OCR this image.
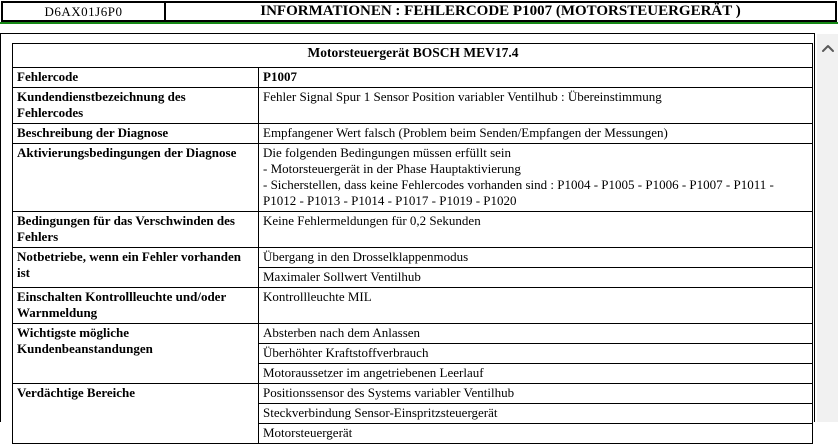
D6AX01J6P0	INFORMATIONEN : FEHLERCODE P1007 (MOTORSTEUERGERÄT )
Motorsteuergerät BOSCH MEV17.4	
Fehlercode	P1007

Kundendienstbezeichnung des Fehlercodes	Fehler Signal Spur 1 Sensor Position variabler Ventilhub : Übereinstimmung

Beschreibung der Diagnose	Empfangener Wert falsch (Problem beim Senden/Empfangen der Messungen)

Aktivierungsbedingungen der Diagnose	Die folgenden Bedingungen müssen erfüllt sein
- Motorsteuergerät in der Phase Hauptaktivierung
- Sicherstellen, dass keine Fehlercodes vorhanden sind : P1004 - P1005 - P1006 - P1007 - P1011 - P1012 - P1013 - P1014 - P1017 - P1019 - P1020

Bedingungen für das Verschwinden des Fehlers	Keine Fehlermeldungen für 0,2 Sekunden

Notbetriebe, wenn ein Fehler vorhanden ist	Übergang in den Drosselklappenmodus

	Maximaler Sollwert Ventilhub

Einschalten Kontrollleuchte und/oder Warnmeldung	Kontrollleuchte MIL

Wichtigste mögliche Kundenbeanstandungen	Absterben nach dem Anlassen

	Überhöhter Kraftstoffverbrauch

	Motoraussetzer im angetriebenen Leerlauf

Verdächtige Bereiche	Positionssensor des Systems variabler Ventilhub

	Steckverbindung Sensor-Einspritzsteuergerät

	Motorsteuergerät
